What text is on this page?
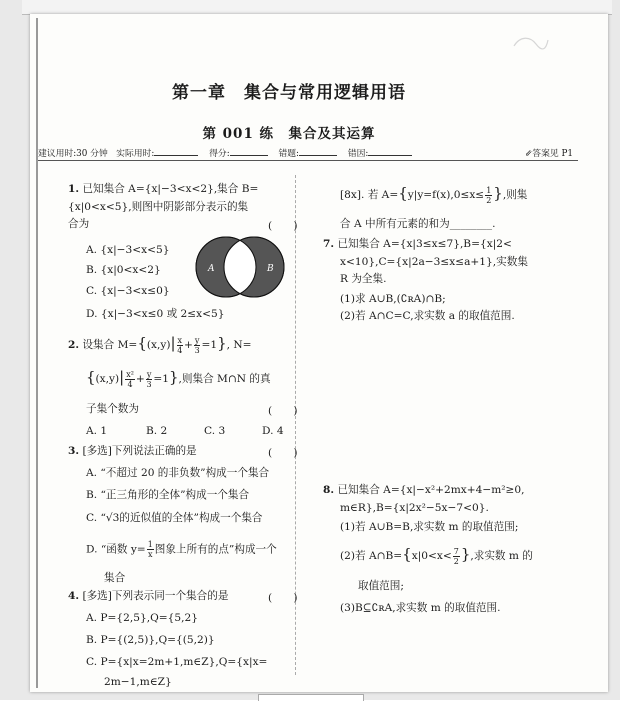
第一章　集合与常用逻辑用语
第 001 练　集合及其运算
建议用时:30 分钟 实际用时:	得分:	错题:	错因:	⇙答案见 P1
1. 已知集合 A={x|−3<x<2},集合 B=
{x|0<x<5},则图中阴影部分表示的集
合为	(　　)
A. {x|−3<x<5}
B. {x|0<x<2}
C. {x|−3<x≤0}
D. {x|−3<x≤0 或 2≤x<5}
A	B
2. 设集合 $M=\{(x,y)| \frac{x}{4} + \frac{y}{3} =1\}$, N=
$\{(x,y)| \frac{\text{x²}}{4} + \frac{y}{3} =1\}$,则集合 M∩N 的真
子集个数为	(　　)
A. 1	B. 2	C. 3	D. 4
3. [多选]下列说法正确的是	(　　)
A. “不超过 20 的非负数”构成一个集合
B. “正三角形的全体”构成一个集合
C. “√3的近似值的全体”构成一个集合
D. “函数 $y= \frac{1}{x}$ 图象上所有的点”构成一个
集合
4. [多选]下列表示同一个集合的是	(　　)
A. P={2,5},Q={5,2}
B. P={(2,5)},Q={(5,2)}
C. P={x|x=2m+1,m∈Z},Q={x|x=
2m−1,m∈Z}
[8x]. 若 $A=\{y|y=f(x),0\le x\le \frac{1}{2}$ },则集
合 A 中所有元素的和为________.
7. 已知集合 A={x|3≤x≤7},B={x|2<
x<10},C={x|2a−3≤x≤a+1},实数集
R 为全集.
(1)求 A∪B,(∁ʀA)∩B;
(2)若 A∩C=C,求实数 a 的取值范围.
8. 已知集合 A={x|−x²+2mx+4−m²≥0,
m∈R},B={x|2x²−5x−7<0}.
(1)若 A∪B=B,求实数 m 的取值范围;
(2)若 A∩B={x|0<x< $\frac{7}{2}$ },求实数 m 的
取值范围;
(3)B⊆∁ʀA,求实数 m 的取值范围.
